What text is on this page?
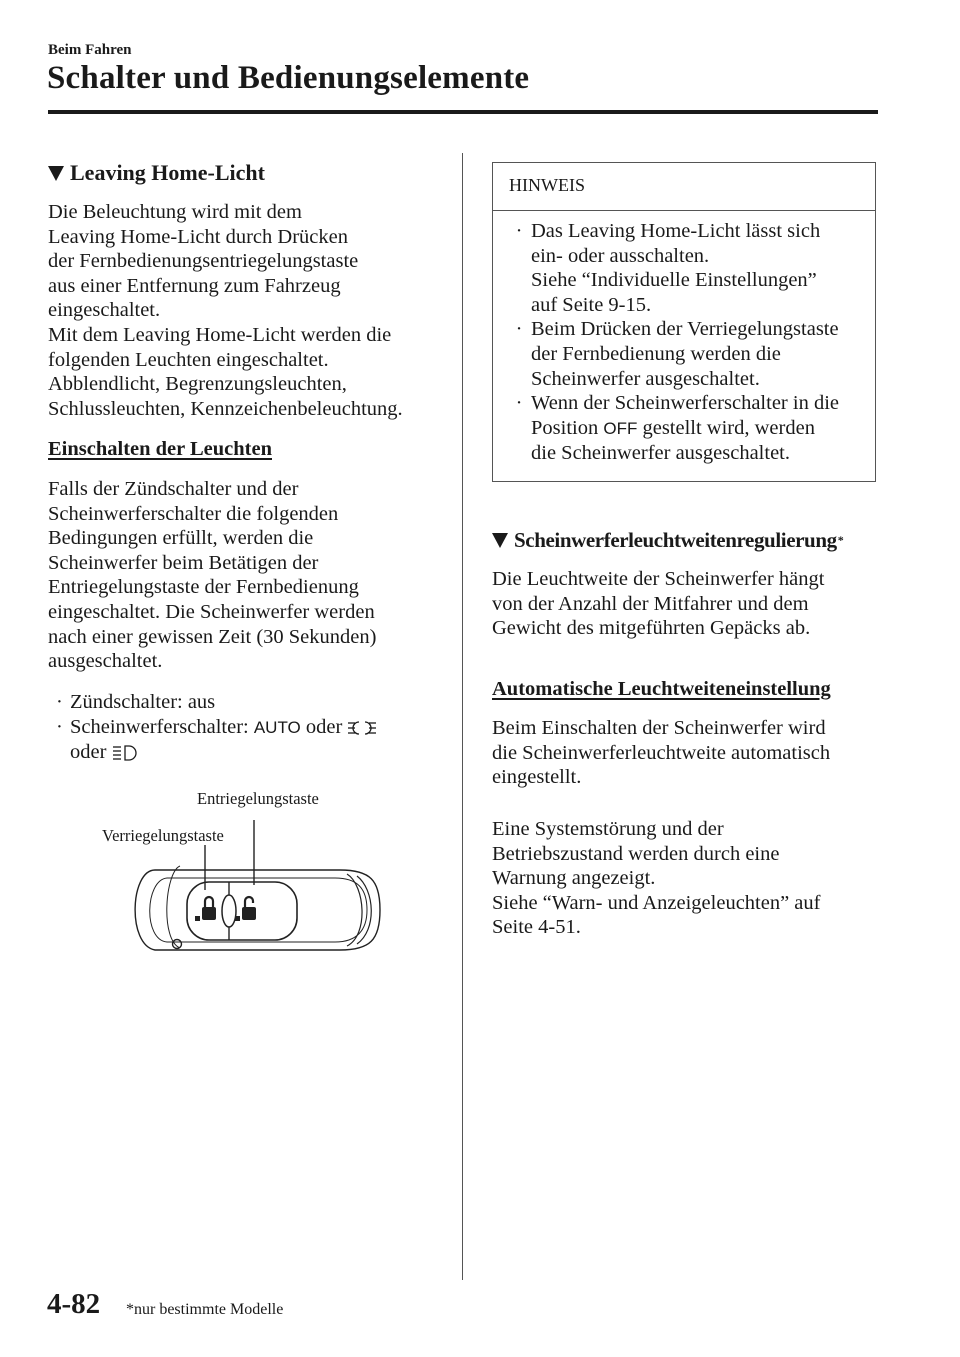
Beim Fahren
Schalter und Bedienungselemente
Leaving Home-Licht

Die Beleuchtung wird mit dem

Leaving Home-Licht durch Drücken

der Fernbedienungsentriegelungstaste

aus einer Entfernung zum Fahrzeug

eingeschaltet.

Mit dem Leaving Home-Licht werden die

folgenden Leuchten eingeschaltet.

Abblendlicht, Begrenzungsleuchten,

Schlussleuchten, Kennzeichenbeleuchtung.

Einschalten der Leuchten

Falls der Zündschalter und der

Scheinwerferschalter die folgenden

Bedingungen erfüllt, werden die

Scheinwerfer beim Betätigen der

Entriegelungstaste der Fernbedienung

eingeschaltet. Die Scheinwerfer werden

nach einer gewissen Zeit (30 Sekunden)

ausgeschaltet.

· Zündschalter: aus
· Scheinwerferschalter: AUTO oder
oder
Entriegelungstaste
Verriegelungstaste
HINWEIS
· Das Leaving Home-Licht lässt sich
ein- oder ausschalten.
Siehe “Individuelle Einstellungen”
auf Seite 9-15.
· Beim Drücken der Verriegelungstaste
der Fernbedienung werden die
Scheinwerfer ausgeschaltet.
· Wenn der Scheinwerferschalter in die
Position OFF gestellt wird, werden
die Scheinwerfer ausgeschaltet.
Scheinwerferleuchtweitenregulierung *

Die Leuchtweite der Scheinwerfer hängt

von der Anzahl der Mitfahrer und dem

Gewicht des mitgeführten Gepäcks ab.

Automatische Leuchtweiteneinstellung

Beim Einschalten der Scheinwerfer wird

die Scheinwerferleuchtweite automatisch

eingestellt.

Eine Systemstörung und der

Betriebszustand werden durch eine

Warnung angezeigt.

Siehe “Warn- und Anzeigeleuchten” auf

Seite 4-51.

4-82 *nur bestimmte Modelle
